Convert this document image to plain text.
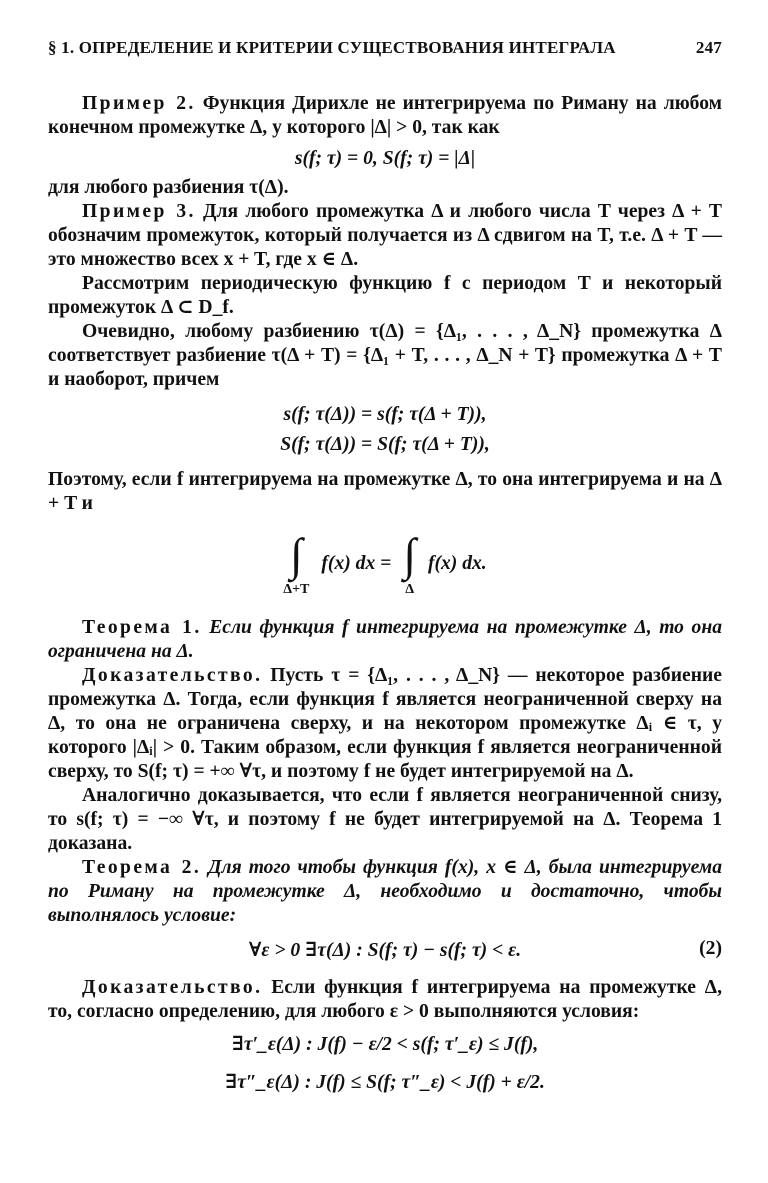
§ 1. ОПРЕДЕЛЕНИЕ И КРИТЕРИИ СУЩЕСТВОВАНИЯ ИНТЕГРАЛА	247

Пример 2. Функция Дирихле не интегрируема по Риману на любом конечном промежутке Δ, у которого |Δ| > 0, так как

s(f; τ) = 0, S(f; τ) = |Δ|

для любого разбиения τ(Δ).

Пример 3. Для любого промежутка Δ и любого числа T через Δ + T обозначим промежуток, который получается из Δ сдвигом на T, т.е. Δ + T — это множество всех x + T, где x ∈ Δ.

Рассмотрим периодическую функцию f с периодом T и некоторый промежуток Δ ⊂ D_f.

Очевидно, любому разбиению τ(Δ) = {Δ₁, . . . , Δ_N} промежутка Δ соответствует разбиение τ(Δ + T) = {Δ₁ + T, . . . , Δ_N + T} промежутка Δ + T и наоборот, причем

s(f; τ(Δ)) = s(f; τ(Δ + T)),
S(f; τ(Δ)) = S(f; τ(Δ + T)),

Поэтому, если f интегрируема на промежутке Δ, то она интегрируема и на Δ + T и

∫
Δ+T
f(x) dx = ∫
Δ
f(x) dx.

Теорема 1. Если функция f интегрируема на промежутке Δ, то она ограничена на Δ.

Доказательство. Пусть τ = {Δ₁, . . . , Δ_N} — некоторое разбиение промежутка Δ. Тогда, если функция f является неограниченной сверху на Δ, то она не ограничена сверху, и на некотором промежутке Δᵢ ∈ τ, у которого |Δᵢ| > 0. Таким образом, если функция f является неограниченной сверху, то S(f; τ) = +∞ ∀τ, и поэтому f не будет интегрируемой на Δ.

Аналогично доказывается, что если f является неограниченной снизу, то s(f; τ) = −∞ ∀τ, и поэтому f не будет интегрируемой на Δ. Теорема 1 доказана.

Теорема 2. Для того чтобы функция f(x), x ∈ Δ, была интегрируема по Риману на промежутке Δ, необходимо и достаточно, чтобы выполнялось условие:

∀ε > 0 ∃τ(Δ) : S(f; τ) − s(f; τ) < ε.	(2)

Доказательство. Если функция f интегрируема на промежутке Δ, то, согласно определению, для любого ε > 0 выполняются условия:

∃τ′_ε(Δ) : J(f) − ε/2 < s(f; τ′_ε) ≤ J(f),
∃τ″_ε(Δ) : J(f) ≤ S(f; τ″_ε) < J(f) + ε/2.
